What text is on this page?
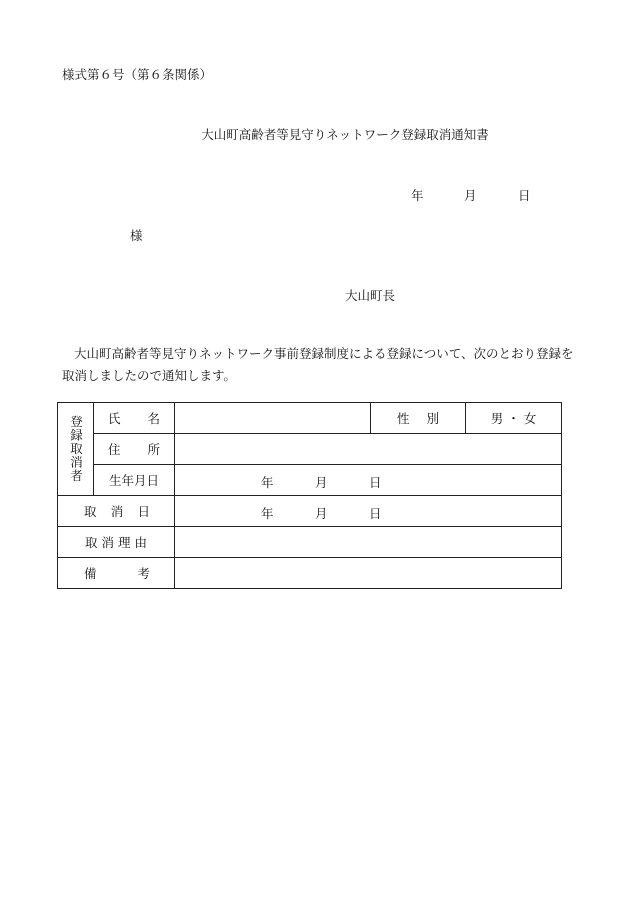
様式第６号（第６条関係）
大山町高齢者等見守りネットワーク登録取消通知書
年	月	日
様
大山町長
大山町高齢者等見守りネットワーク事前登録制度による登録について、次のとおり登録を取消しましたので通知します。
登録取消者	氏 名		性 別	男 ・ 女

	住 所			

	生年月日	年 月 日		

取 消 日		年 月 日		

取 消 理 由				

備 考				
